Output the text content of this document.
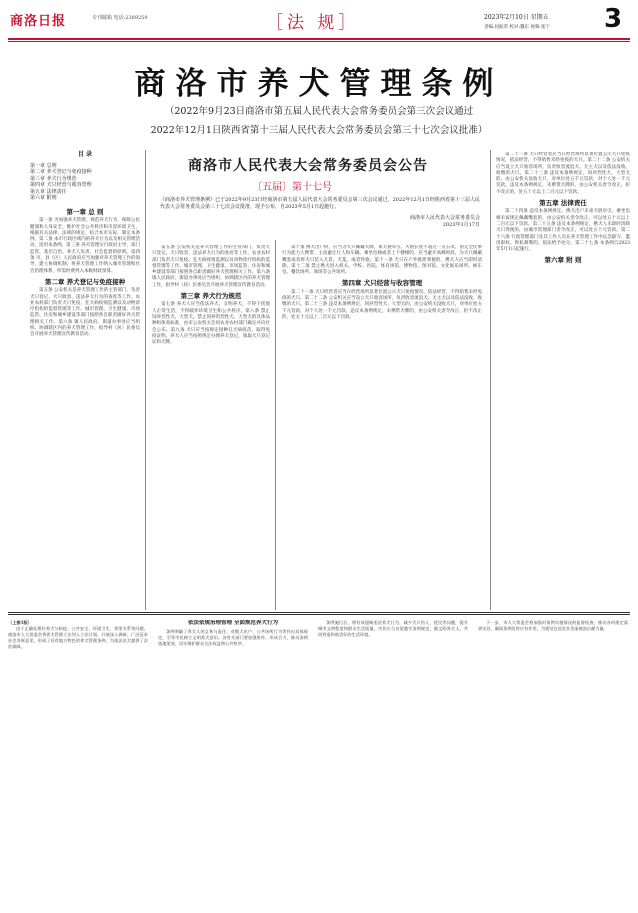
商洛日报	专刊邮箱 电话:2389259	［法 规］	2023年2月10日 星期五
责编:屈振荣 校对:魏东 视频:张宁 3
商洛市养犬管理条例
（2022年9月23日商洛市第五届人民代表大会常务委员会第三次会议通过
2022年12月1日陕西省第十三届人民代表大会常务委员会第三十七次会议批准）
目 录
第一章 总则
第二章 养犬登记与免疫接种
第三章 养犬行为规范
第四章 犬只经营与收容管理
第五章 法律责任
第六章 附则
第一章 总 则

第一条 为加强养犬管理，规范养犬行为，保障公民健康和人身安全，维护社会公共秩序和市容环境卫生，根据有关法律、法规的规定，结合本市实际，制定本条例。第二条 本市行政区域内的养犬行为以及相关管理活动，适用本条例。第三条 养犬管理实行政府主导、部门监管、基层自治、养犬人负责、社会监督的原则。第四条 市、县（区）人民政府应当加强对养犬管理工作的领导，建立协调机制，将养犬管理工作纳入城市管理和社会治理体系，所需经费列入本级财政预算。

第二章 养犬登记与免疫接种

第五条 公安机关是养犬管理工作的主管部门，负责犬只登记、犬只收容、违法养犬行为的查处等工作。农业农村部门负责犬只免疫、狂犬病疫情监测以及动物诊疗机构的监督管理等工作。城市管理、卫生健康、市场监管、住房和城乡建设等部门按照各自职责做好养犬管理相关工作。第六条 镇人民政府、街道办事处应当组织、协调辖区内的养犬管理工作，指导村（居）民委员会开展养犬管理宣传教育活动。

商洛市人民代表大会常务委员会公告
〔五届〕第十七号
《商洛市养犬管理条例》已于2022年9月23日经商洛市第五届人民代表大会常务委员会第三次会议通过，2022年12月1日经陕西省第十三届人民代表大会常务委员会第三十七次会议批准，现予公布，自2023年5月1日起施行。
商洛市人民代表大会常务委员会
2023年1月17日

第五条 公安机关是养犬管理工作的主管部门，负责犬只登记、犬只收容、违法养犬行为的查处等工作。农业农村部门负责犬只免疫、狂犬病疫情监测以及动物诊疗机构的监督管理等工作。城市管理、卫生健康、市场监管、住房和城乡建设等部门按照各自职责做好养犬管理相关工作。第六条 镇人民政府、街道办事处应当组织、协调辖区内的养犬管理工作，指导村（居）民委员会开展养犬管理宣传教育活动。

第三章 养犬行为规范

第七条 养犬人应当依法养犬、文明养犬，不得干扰他人正常生活，不得破坏环境卫生和公共秩序。第八条 禁止饲养烈性犬、大型犬。禁止饲养的烈性犬、大型犬的具体品种和体高标准，由市公安机关会同农业农村部门确定并向社会公布。第九条 犬只应当按规定接种狂犬病疫苗，取得免疫证明。养犬人应当按照规定办理养犬登记，领取犬只登记证和犬牌。

第十条 携犬出户时，应当为犬只佩戴犬牌，束犬链牵引，犬链长度不超过一点五米，由完全民事行为能力人携带，主动避让行人和车辆。乘坐电梯或者上下楼梯的，应当避开高峰时段，为犬只佩戴嘴套或者将犬只装入犬袋、犬笼，或者怀抱。第十一条 犬只在户外排泄粪便的，携犬人应当即时清除。第十二条 禁止携犬进入机关、学校、医院、体育场馆、博物馆、图书馆、文化娱乐场所、候车室、餐饮场所、商场等公共场所。

第四章 犬只经营与收容管理

第二十一条 犬只经营者应当在经营场所显著位置公示犬只免疫情况，依法经营，不得销售未经免疫的犬只。第二十二条 公安机关应当设立犬只收容场所，负责收容流浪犬、无主犬以及依法没收、收缴的犬只。第二十三条 违反本条例规定，饲养烈性犬、大型犬的，由公安机关没收犬只，对单位处五千元罚款，对个人处一千元罚款。违反本条例规定，未携带犬牌的，由公安机关责令改正，拒不改正的，处五十元以上二百元以下罚款。

第二十一条 犬只经营者应当在经营场所显著位置公示犬只免疫情况，依法经营，不得销售未经免疫的犬只。第二十二条 公安机关应当设立犬只收容场所，负责收容流浪犬、无主犬以及依法没收、收缴的犬只。第二十三条 违反本条例规定，饲养烈性犬、大型犬的，由公安机关没收犬只，对单位处五千元罚款，对个人处一千元罚款。违反本条例规定，未携带犬牌的，由公安机关责令改正，拒不改正的，处五十元以上二百元以下罚款。

第五章 法律责任

第二十四条 违反本条例规定，携犬出户未束犬链牵引、乘坐电梯未按规定佩戴嘴套的，由公安机关责令改正，可以处五十元以上二百元以下罚款。第二十五条 违反本条例规定，携犬人未即时清除犬只粪便的，由城市管理部门责令改正，可以处五十元罚款。第二十六条 行政管理部门及其工作人员在养犬管理工作中玩忽职守、滥用职权、徇私舞弊的，依法给予处分。第二十七条 本条例自2023年5月1日起施行。

第六章 附 则
（上接1版）

由于正确处理好养犬与防疫、公共安全、环境卫生、邻里关系等问题，商洛市人大常委会将养犬管理立法列入立法计划，开展深入调研，广泛征求社会各界意见，形成了具有地方特色的养犬管理条例，为依法治犬提供了法治保障。

依法依规治理管理 全面规范养犬行为

条例明确了养犬人的义务与责任，对携犬出户、公共场所行为等作出具体规定，引导市民树立文明养犬意识。各有关部门要加强协作，形成合力，推动条例落地见效，切实维护群众合法权益和公共秩序。

条例施行后，将有效遏制违法养犬行为，减少犬只伤人、扰民等问题，提升城市文明程度和群众生活质量。市民应当自觉遵守条例规定，做文明养犬人，共同营造和谐美好的生活环境。

下一步，市人大常委会将加强对条例实施情况的监督检查，推动各项规定落到实处，确保条例发挥应有作用，为建设宜居宜业美丽商洛贡献力量。
